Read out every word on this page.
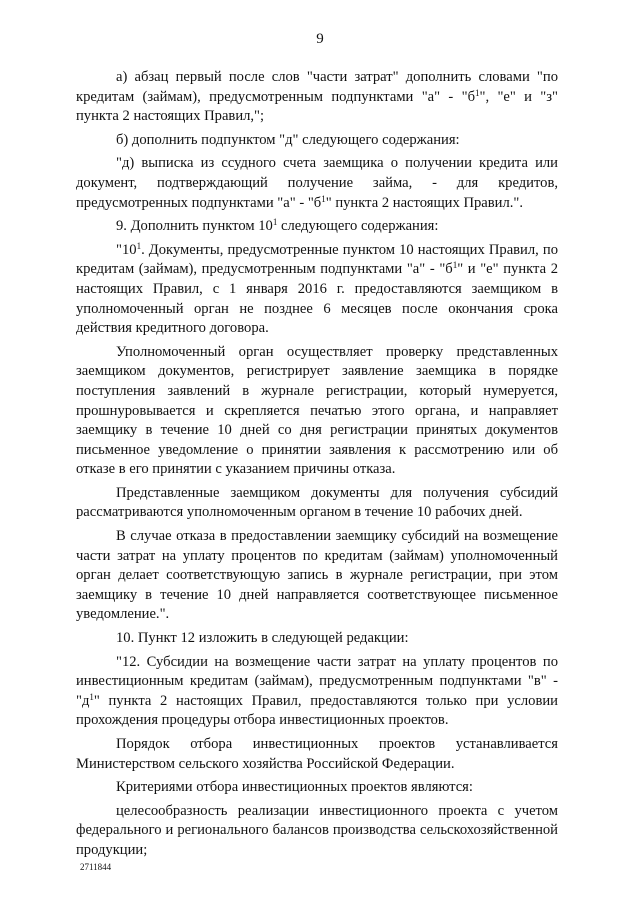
9

а) абзац первый после слов "части затрат" дополнить словами "по кредитам (займам), предусмотренным подпунктами "а" - "$б^1$", "е" и "з" пункта 2 настоящих Правил,";

б) дополнить подпунктом "д" следующего содержания:

"д) выписка из ссудного счета заемщика о получении кредита или документ, подтверждающий получение займа, - для кредитов, предусмотренных подпунктами "а" - "$б^1$" пункта 2 настоящих Правил.".

9. Дополнить пунктом $10^1$ следующего содержания:

"$10^1$. Документы, предусмотренные пунктом 10 настоящих Правил, по кредитам (займам), предусмотренным подпунктами "а" - "$б^1$" и "е" пункта 2 настоящих Правил, с 1 января 2016 г. предоставляются заемщиком в уполномоченный орган не позднее 6 месяцев после окончания срока действия кредитного договора.

Уполномоченный орган осуществляет проверку представленных заемщиком документов, регистрирует заявление заемщика в порядке поступления заявлений в журнале регистрации, который нумеруется, прошнуровывается и скрепляется печатью этого органа, и направляет заемщику в течение 10 дней со дня регистрации принятых документов письменное уведомление о принятии заявления к рассмотрению или об отказе в его принятии с указанием причины отказа.

Представленные заемщиком документы для получения субсидий рассматриваются уполномоченным органом в течение 10 рабочих дней.

В случае отказа в предоставлении заемщику субсидий на возмещение части затрат на уплату процентов по кредитам (займам) уполномоченный орган делает соответствующую запись в журнале регистрации, при этом заемщику в течение 10 дней направляется соответствующее письменное уведомление.".

10. Пункт 12 изложить в следующей редакции:

"12. Субсидии на возмещение части затрат на уплату процентов по инвестиционным кредитам (займам), предусмотренным подпунктами "в" - "$д^1$" пункта 2 настоящих Правил, предоставляются только при условии прохождения процедуры отбора инвестиционных проектов.

Порядок отбора инвестиционных проектов устанавливается Министерством сельского хозяйства Российской Федерации.

Критериями отбора инвестиционных проектов являются:

целесообразность реализации инвестиционного проекта с учетом федерального и регионального балансов производства сельскохозяйственной продукции;

2711844
